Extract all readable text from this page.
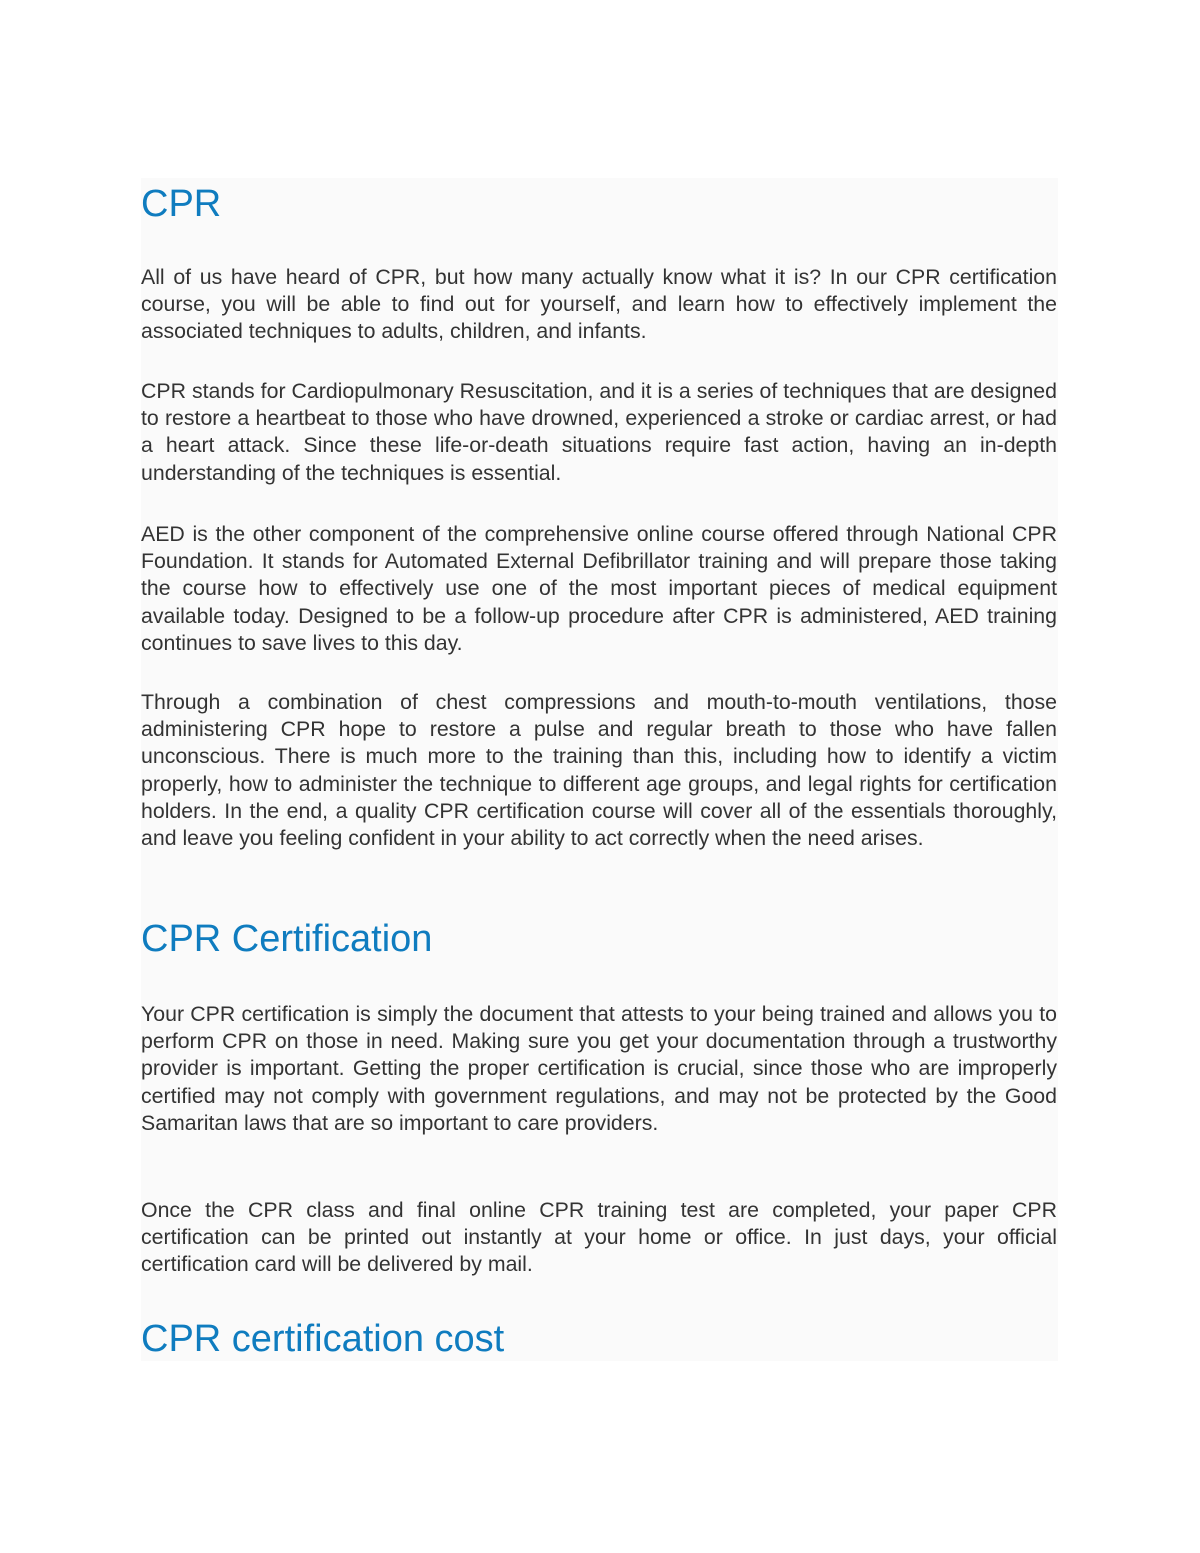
CPR

All of us have heard of CPR, but how many actually know what it is? In our CPR certification course, you will be able to find out for yourself, and learn how to effectively implement the associated techniques to adults, children, and infants.

CPR stands for Cardiopulmonary Resuscitation, and it is a series of techniques that are designed to restore a heartbeat to those who have drowned, experienced a stroke or cardiac arrest, or had a heart attack. Since these life-or-death situations require fast action, having an in-depth understanding of the techniques is essential.

AED is the other component of the comprehensive online course offered through National CPR Foundation. It stands for Automated External Defibrillator training and will prepare those taking the course how to effectively use one of the most important pieces of medical equipment available today. Designed to be a follow-up procedure after CPR is administered, AED training continues to save lives to this day.

Through a combination of chest compressions and mouth-to-mouth ventilations, those administering CPR hope to restore a pulse and regular breath to those who have fallen unconscious. There is much more to the training than this, including how to identify a victim properly, how to administer the technique to different age groups, and legal rights for certification holders. In the end, a quality CPR certification course will cover all of the essentials thoroughly, and leave you feeling confident in your ability to act correctly when the need arises.

CPR Certification

Your CPR certification is simply the document that attests to your being trained and allows you to perform CPR on those in need. Making sure you get your documentation through a trustworthy provider is important. Getting the proper certification is crucial, since those who are improperly certified may not comply with government regulations, and may not be protected by the Good Samaritan laws that are so important to care providers.

Once the CPR class and final online CPR training test are completed, your paper CPR certification can be printed out instantly at your home or office. In just days, your official certification card will be delivered by mail.

CPR certification cost
